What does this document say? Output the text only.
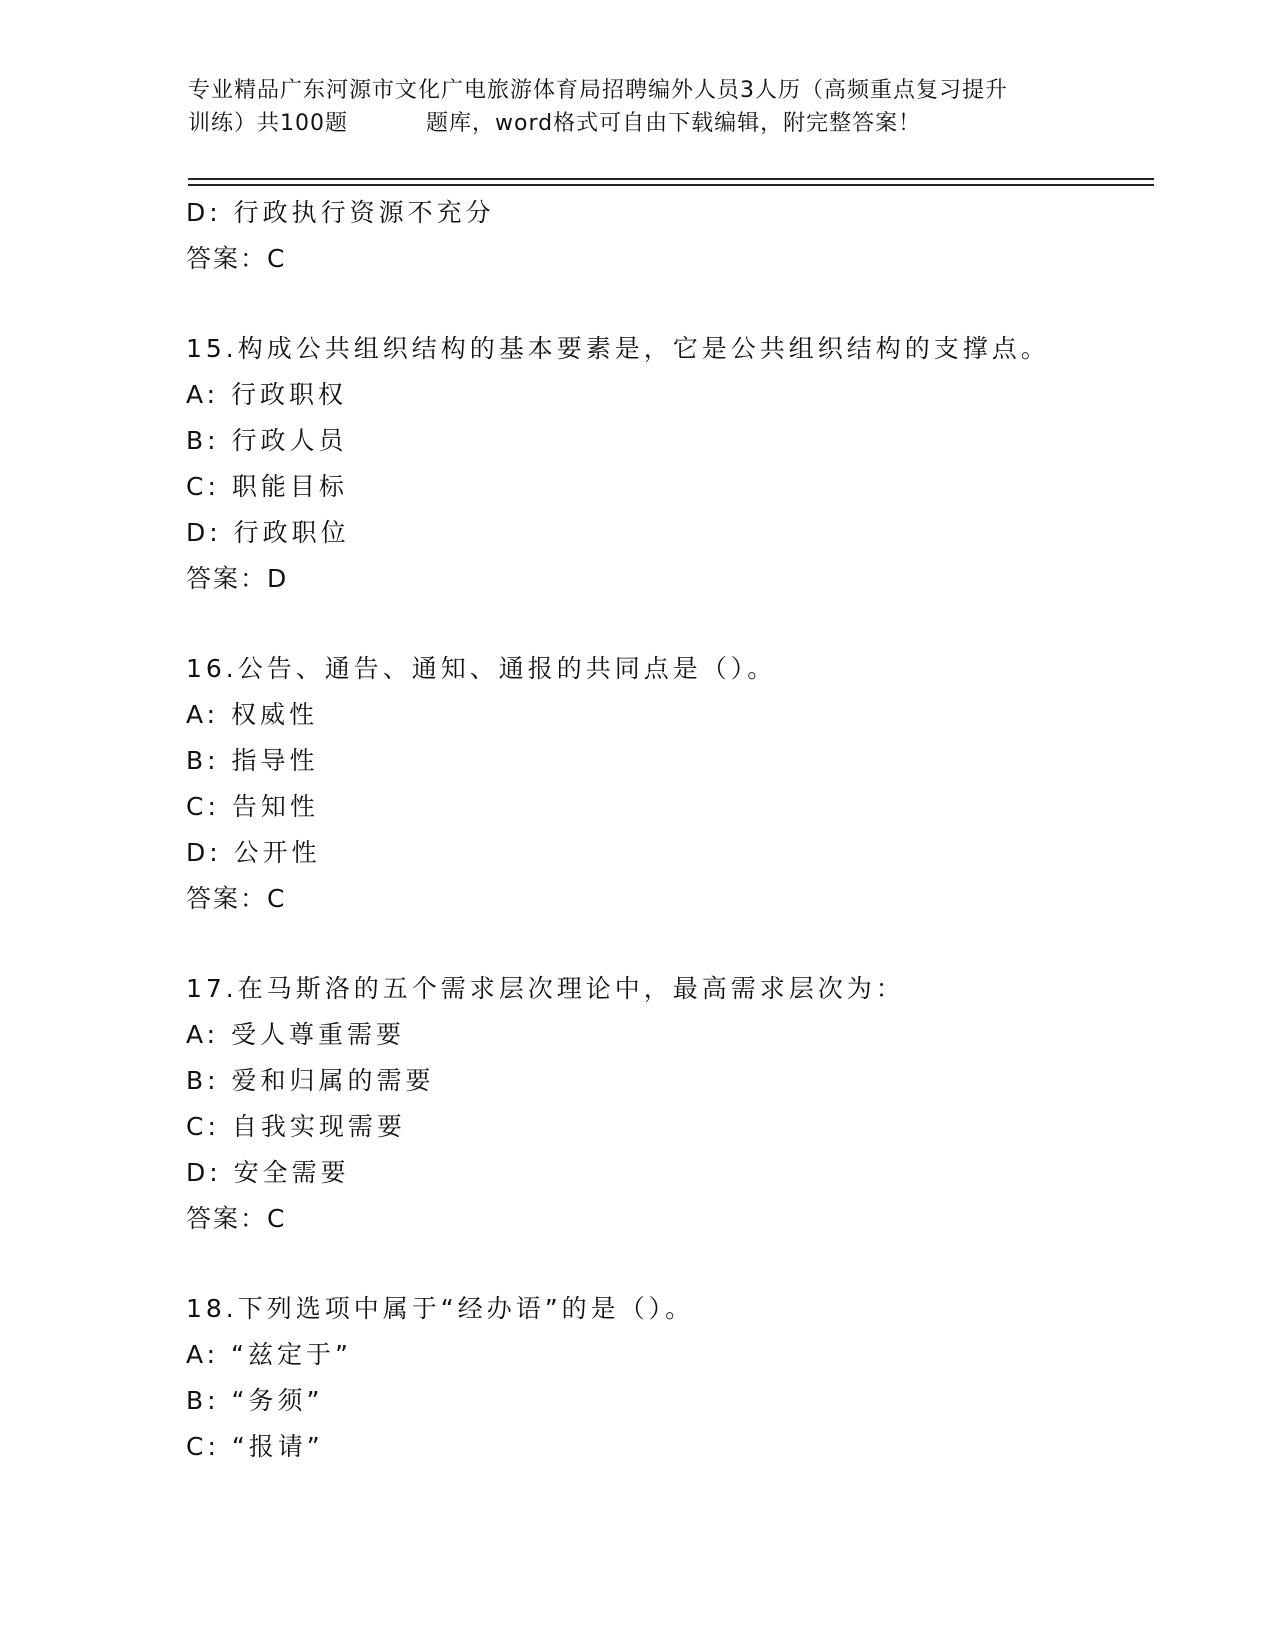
专业精品广东河源市文化广电旅游体育局招聘编外人员3人历（高频重点复习提升
训练）共100题	题库，word格式可自由下载编辑，附完整答案！
D: 行政执行资源不充分
答案：C
15.构成公共组织结构的基本要素是，它是公共组织结构的支撑点。
A: 行政职权
B: 行政人员
C: 职能目标
D: 行政职位
答案：D
16.公告、通告、通知、通报的共同点是（）。
A: 权威性
B: 指导性
C: 告知性
D: 公开性
答案：C
17.在马斯洛的五个需求层次理论中，最高需求层次为：
A: 受人尊重需要
B: 爱和归属的需要
C: 自我实现需要
D: 安全需要
答案：C
18.下列选项中属于“经办语”的是（）。
A: “兹定于”
B: “务须”
C: “报请”
